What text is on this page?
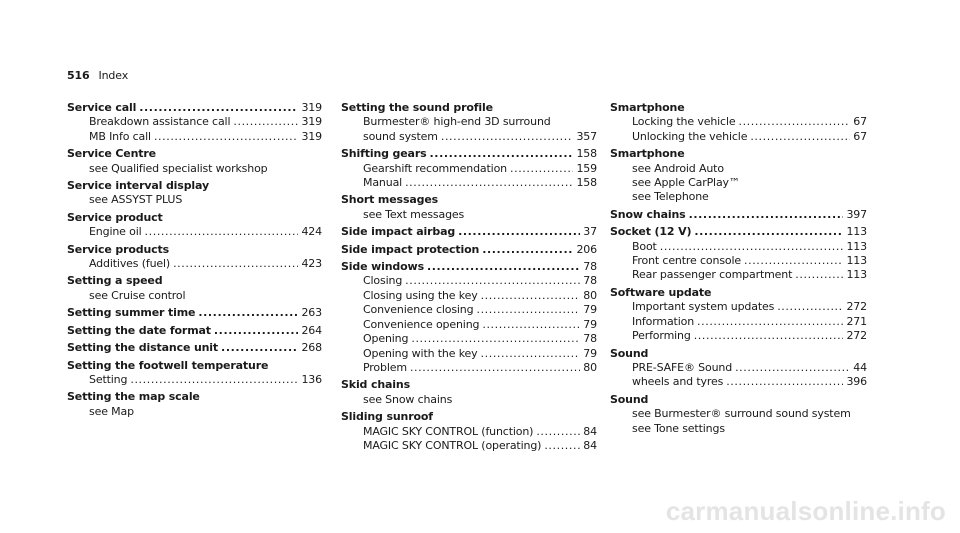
516 Index
Service call .....	319
Breakdown assistance call .....	319
MB Info call .....	319
Service Centre
see Qualified specialist workshop
Service interval display
see ASSYST PLUS
Service product
Engine oil .....	424
Service products
Additives (fuel) .....	423
Setting a speed
see Cruise control
Setting summer time .....	263
Setting the date format .....	264
Setting the distance unit .....	268
Setting the footwell temperature
Setting .....	136
Setting the map scale
see Map
Setting the sound profile
Burmester® high-end 3D surround
sound system .....	357
Shifting gears .....	158
Gearshift recommendation .....	159
Manual .....	158
Short messages
see Text messages
Side impact airbag .....	37
Side impact protection .....	206
Side windows .....	78
Closing .....	78
Closing using the key .....	80
Convenience closing .....	79
Convenience opening .....	79
Opening .....	78
Opening with the key .....	79
Problem .....	80
Skid chains
see Snow chains
Sliding sunroof
MAGIC SKY CONTROL (function) .....	84
MAGIC SKY CONTROL (operating) .....	84
Smartphone
Locking the vehicle .....	67
Unlocking the vehicle .....	67
Smartphone
see Android Auto
see Apple CarPlay™
see Telephone
Snow chains .....	397
Socket (12 V) .....	113
Boot .....	113
Front centre console .....	113
Rear passenger compartment .....	113
Software update
Important system updates .....	272
Information .....	271
Performing .....	272
Sound
PRE-SAFE® Sound .....	44
wheels and tyres .....	396
Sound
see Burmester® surround sound system
see Tone settings
carmanualsonline.info
